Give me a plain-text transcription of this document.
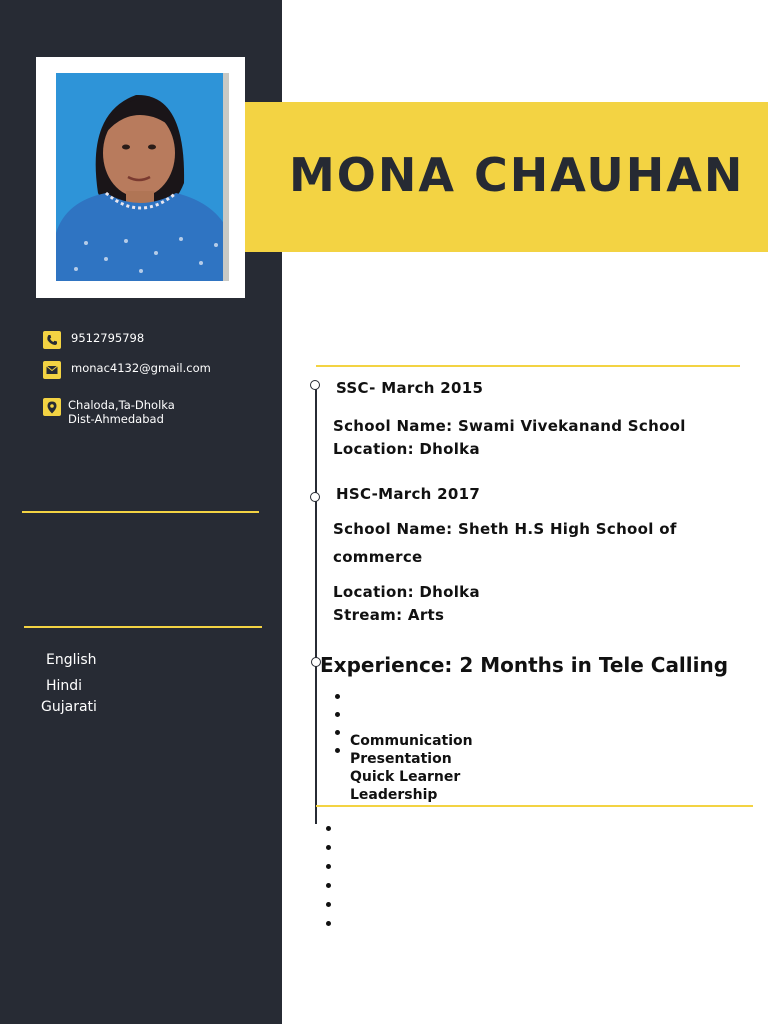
MONA CHAUHAN
9512795798
monac4132@gmail.com
Chaloda,Ta-Dholka
Dist-Ahmedabad
English
Hindi
Gujarati
SSC- March 2015
School Name: Swami Vivekanand School
Location: Dholka
HSC-March 2017
School Name: Sheth H.S High School of
commerce
Location: Dholka
Stream: Arts
Experience: 2 Months in Tele Calling
Communication
Presentation
Quick Learner
Leadership
